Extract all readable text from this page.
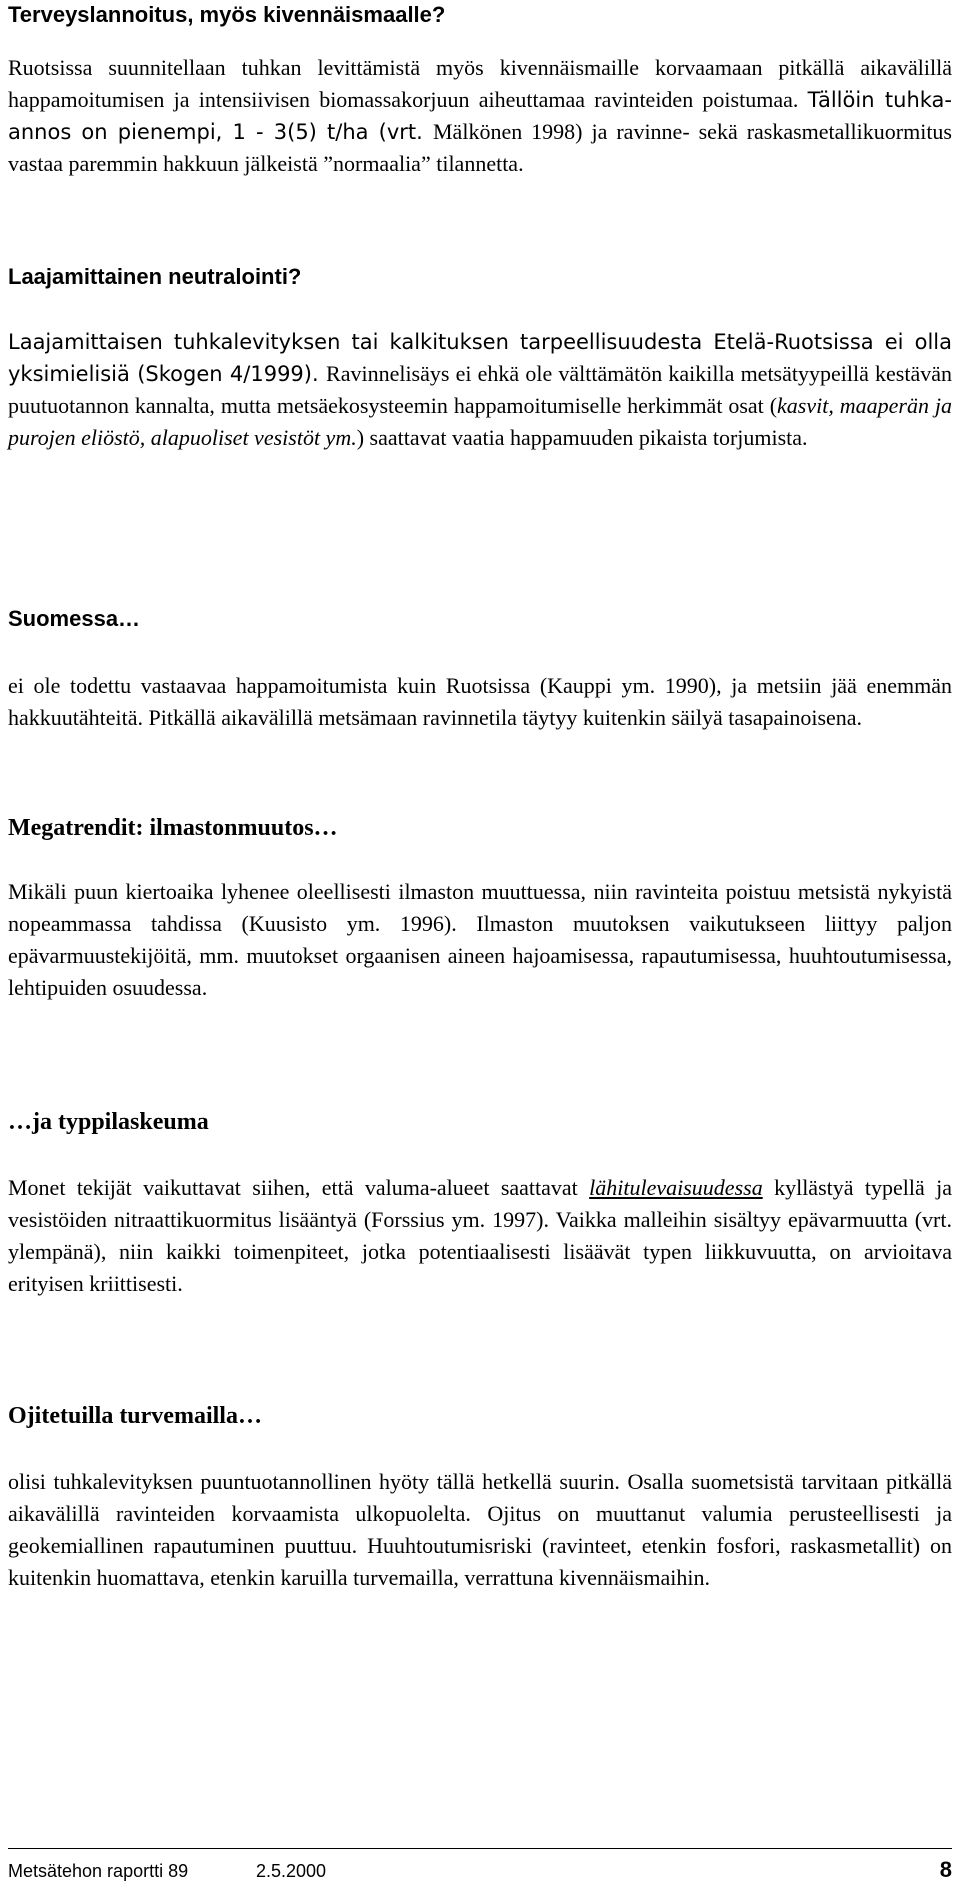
Terveyslannoitus, myös kivennäismaalle?

Ruotsissa suunnitellaan tuhkan levittämistä myös kivennäismaille korvaamaan pitkällä aikavälillä happamoitumisen ja intensiivisen biomassakorjuun aiheuttamaa ravinteiden poistumaa. Tällöin tuhka-annos on pienempi, 1 - 3(5) t/ha (vrt. Mälkönen 1998) ja ravinne- sekä raskasmetallikuormitus vastaa paremmin hakkuun jälkeistä ”normaalia” tilannetta.

Laajamittainen neutralointi?

Laajamittaisen tuhkalevityksen tai kalkituksen tarpeellisuudesta Etelä-Ruotsissa ei olla yksimielisiä (Skogen 4/1999). Ravinnelisäys ei ehkä ole välttämätön kaikilla metsätyypeillä kestävän puutuotannon kannalta, mutta metsäekosysteemin happamoitumiselle herkimmät osat (kasvit, maaperän ja purojen eliöstö, alapuoliset vesistöt ym.) saattavat vaatia happamuuden pikaista torjumista.

Suomessa…

ei ole todettu vastaavaa happamoitumista kuin Ruotsissa (Kauppi ym. 1990), ja metsiin jää enemmän hakkuutähteitä. Pitkällä aikavälillä metsämaan ravinnetila täytyy kuitenkin säilyä tasapainoisena.

Megatrendit: ilmastonmuutos…

Mikäli puun kiertoaika lyhenee oleellisesti ilmaston muuttuessa, niin ravinteita poistuu metsistä nykyistä nopeammassa tahdissa (Kuusisto ym. 1996). Ilmaston muutoksen vaikutukseen liittyy paljon epävarmuustekijöitä, mm. muutokset orgaanisen aineen hajoamisessa, rapautumisessa, huuhtoutumisessa, lehtipuiden osuudessa.

…ja typpilaskeuma

Monet tekijät vaikuttavat siihen, että valuma-alueet saattavat lähitulevaisuudessa kyllästyä typellä ja vesistöiden nitraattikuormitus lisääntyä (Forssius ym. 1997). Vaikka malleihin sisältyy epävarmuutta (vrt. ylempänä), niin kaikki toimenpiteet, jotka potentiaalisesti lisäävät typen liikkuvuutta, on arvioitava erityisen kriittisesti.

Ojitetuilla turvemailla…

olisi tuhkalevityksen puuntuotannollinen hyöty tällä hetkellä suurin. Osalla suometsistä tarvitaan pitkällä aikavälillä ravinteiden korvaamista ulkopuolelta. Ojitus on muuttanut valumia perusteellisesti ja geokemiallinen rapautuminen puuttuu. Huuhtoutumisriski (ravinteet, etenkin fosfori, raskasmetallit) on kuitenkin huomattava, etenkin karuilla turvemailla, verrattuna kivennäismaihin.

Metsätehon raportti 89	2.5.2000	8
